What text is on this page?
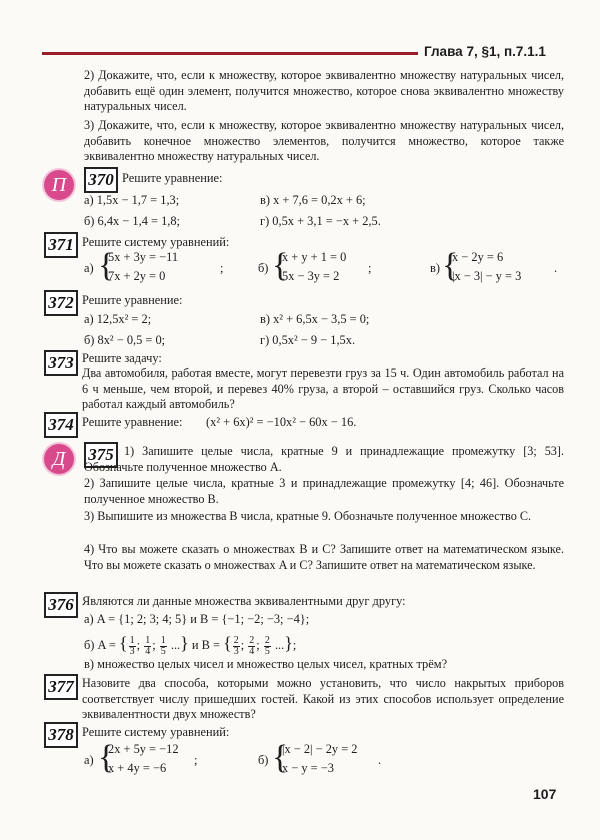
Глава 7, §1, п.7.1.1
2) Докажите, что, если к множеству, которое эквивалентно множеству натуральных чисел, добавить ещё один элемент, получится множество, которое снова эквивалентно множеству натуральных чисел.
3) Докажите, что, если к множеству, которое эквивалентно множеству натуральных чисел, добавить конечное множество элементов, получится множество, которое также эквивалентно множеству натуральных чисел.
П	370 Решите уравнение:
а) 1,5x − 1,7 = 1,3;	в) x + 7,6 = 0,2x + 6;
б) 6,4x − 1,4 = 1,8;	г) 0,5x + 3,1 = −x + 2,5.
371 Решите систему уравнений:
а) {
5x + 3y = −11
7x + 2y = 0
;	б) {
x + y + 1 = 0
5x − 3y = 2
;	в) {
x − 2y = 6
|x − 3| − y = 3
.
372 Решите уравнение:
а) 12,5x² = 2;	в) x² + 6,5x − 3,5 = 0;
б) 8x² − 0,5 = 0;	г) 0,5x² − 9 − 1,5x.
373 Решите задачу:
Два автомобиля, работая вместе, могут перевезти груз за 15 ч. Один автомобиль работал на 6 ч меньше, чем второй, и перевез 40% груза, а второй – оставшийся груз. Сколько часов работал каждый автомобиль?
374 Решите уравнение: (x² + 6x)² = −10x² − 60x − 16.
Д	375 1) Запишите целые числа, кратные 9 и принадлежащие промежутку [3; 53]. Обозначьте полученное множество A.
2) Запишите целые числа, кратные 3 и принадлежащие промежутку [4; 46]. Обозначьте полученное множество B.
3) Выпишите из множества B числа, кратные 9. Обозначьте полученное множество C.
4) Что вы можете сказать о множествах B и C? Запишите ответ на математическом языке. Что вы можете сказать о множествах A и C? Запишите ответ на математическом языке.
376 Являются ли данные множества эквивалентными друг другу:
а) A = {1; 2; 3; 4; 5} и B = {−1; −2; −3; −4};
б) A = { $\frac{1}{3}$ ; $\frac{1}{4}$ ; $\frac{1}{5}$ ...} и B = { $\frac{2}{3}$ ; $\frac{2}{4}$ ; $\frac{2}{5}$ ...};
в) множество целых чисел и множество целых чисел, кратных трём?
377 Назовите два способа, которыми можно установить, что число накрытых приборов соответствует числу пришедших гостей. Какой из этих способов использует определение эквивалентности двух множеств?
378 Решите систему уравнений:
а) {
2x + 5y = −12
x + 4y = −6
;	б) {
|x − 2| − 2y = 2
x − y = −3
.
107
